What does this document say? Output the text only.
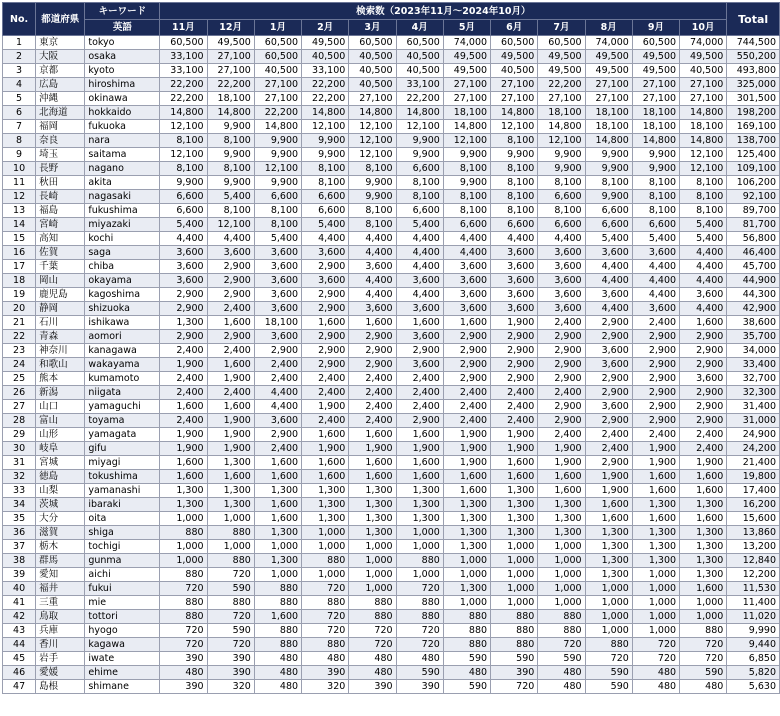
No.	都道府県	キーワード	検索数（2023年11月～2024年10月）												Total
		英語	11月	12月	1月	2月	3月	4月	5月	6月	7月	8月	9月	10月	
1	東京	tokyo	60,500	49,500	60,500	49,500	60,500	60,500	74,000	60,500	60,500	74,000	60,500	74,000	744,500
2	大阪	osaka	33,100	27,100	60,500	40,500	40,500	40,500	49,500	49,500	49,500	49,500	49,500	49,500	550,200
3	京都	kyoto	33,100	27,100	40,500	33,100	40,500	40,500	49,500	40,500	49,500	49,500	49,500	40,500	493,800
4	広島	hiroshima	22,200	22,200	27,100	22,200	40,500	33,100	27,100	27,100	22,200	27,100	27,100	27,100	325,000
5	沖縄	okinawa	22,200	18,100	27,100	22,200	27,100	22,200	27,100	27,100	27,100	27,100	27,100	27,100	301,500
6	北海道	hokkaido	14,800	14,800	22,200	14,800	14,800	14,800	18,100	14,800	18,100	18,100	18,100	14,800	198,200
7	福岡	fukuoka	12,100	9,900	14,800	12,100	12,100	12,100	14,800	12,100	14,800	18,100	18,100	18,100	169,100
8	奈良	nara	8,100	8,100	9,900	9,900	12,100	9,900	12,100	8,100	12,100	14,800	14,800	14,800	138,700
9	埼玉	saitama	12,100	9,900	9,900	9,900	12,100	9,900	9,900	9,900	9,900	9,900	9,900	12,100	125,400
10	長野	nagano	8,100	8,100	12,100	8,100	8,100	6,600	8,100	8,100	9,900	9,900	9,900	12,100	109,100
11	秋田	akita	9,900	9,900	9,900	8,100	9,900	8,100	9,900	8,100	8,100	8,100	8,100	8,100	106,200
12	長崎	nagasaki	6,600	5,400	6,600	6,600	9,900	8,100	8,100	8,100	6,600	9,900	8,100	8,100	92,100
13	福島	fukushima	6,600	8,100	8,100	6,600	8,100	6,600	8,100	8,100	8,100	6,600	8,100	8,100	89,700
14	宮崎	miyazaki	5,400	12,100	8,100	5,400	8,100	5,400	6,600	6,600	6,600	6,600	6,600	5,400	81,700
15	高知	kochi	4,400	4,400	5,400	4,400	4,400	4,400	4,400	4,400	4,400	5,400	5,400	5,400	56,800
16	佐賀	saga	3,600	3,600	3,600	3,600	4,400	4,400	4,400	3,600	3,600	3,600	3,600	4,400	46,400
17	千葉	chiba	3,600	2,900	3,600	2,900	3,600	4,400	3,600	3,600	3,600	4,400	4,400	4,400	45,700
18	岡山	okayama	3,600	2,900	3,600	3,600	4,400	3,600	3,600	3,600	3,600	4,400	4,400	4,400	44,900
19	鹿児島	kagoshima	2,900	2,900	3,600	2,900	4,400	4,400	3,600	3,600	3,600	3,600	4,400	3,600	44,300
20	静岡	shizuoka	2,900	2,400	3,600	2,900	3,600	3,600	3,600	3,600	3,600	4,400	3,600	4,400	42,900
21	石川	ishikawa	1,300	1,600	18,100	1,600	1,600	1,600	1,600	1,900	2,400	2,900	2,400	1,600	38,600
22	青森	aomori	2,900	2,900	3,600	2,900	2,900	3,600	2,900	2,900	2,900	2,900	2,900	2,900	35,700
23	神奈川	kanagawa	2,400	2,400	2,900	2,900	2,900	2,900	2,900	2,900	2,900	3,600	2,900	2,900	34,000
24	和歌山	wakayama	1,900	1,600	2,400	2,900	2,900	3,600	2,900	2,900	2,900	3,600	2,900	2,900	33,400
25	熊本	kumamoto	2,400	1,900	2,400	2,400	2,400	2,400	2,900	2,900	2,900	2,900	2,900	3,600	32,700
26	新潟	niigata	2,400	2,400	4,400	2,400	2,400	2,400	2,400	2,400	2,400	2,900	2,900	2,900	32,300
27	山口	yamaguchi	1,600	1,600	4,400	1,900	2,400	2,400	2,400	2,400	2,900	3,600	2,900	2,900	31,400
28	富山	toyama	2,400	1,900	3,600	2,400	2,400	2,900	2,400	2,400	2,900	2,900	2,900	2,900	31,000
29	山形	yamagata	1,900	1,900	2,900	1,600	1,600	1,600	1,900	1,900	2,400	2,400	2,400	2,400	24,900
30	岐阜	gifu	1,900	1,900	2,400	1,900	1,900	1,900	1,900	1,900	1,900	2,400	1,900	2,400	24,200
31	宮城	miyagi	1,600	1,300	1,600	1,600	1,600	1,600	1,900	1,600	1,900	2,900	1,900	1,900	21,400
32	徳島	tokushima	1,600	1,600	1,600	1,600	1,600	1,600	1,600	1,600	1,600	1,900	1,600	1,600	19,800
33	山梨	yamanashi	1,300	1,300	1,300	1,300	1,300	1,300	1,600	1,300	1,600	1,900	1,600	1,600	17,400
34	茨城	ibaraki	1,300	1,300	1,600	1,300	1,300	1,300	1,300	1,300	1,300	1,600	1,300	1,300	16,200
35	大分	oita	1,000	1,000	1,600	1,300	1,300	1,300	1,300	1,300	1,300	1,600	1,600	1,600	15,600
36	滋賀	shiga	880	880	1,300	1,000	1,300	1,000	1,300	1,300	1,300	1,300	1,300	1,300	13,860
37	栃木	tochigi	1,000	1,000	1,000	1,000	1,000	1,000	1,300	1,000	1,000	1,300	1,300	1,300	13,200
38	群馬	gunma	1,000	880	1,300	880	1,000	880	1,000	1,000	1,000	1,300	1,300	1,300	12,840
39	愛知	aichi	880	720	1,000	1,000	1,000	1,000	1,000	1,000	1,000	1,300	1,000	1,300	12,200
40	福井	fukui	720	590	880	720	1,000	720	1,300	1,000	1,000	1,000	1,000	1,600	11,530
41	三重	mie	880	880	880	880	880	880	1,000	1,000	1,000	1,000	1,000	1,000	11,400
42	鳥取	tottori	880	720	1,600	720	880	880	880	880	880	1,000	1,000	1,000	11,020
43	兵庫	hyogo	720	590	880	720	720	720	880	880	880	1,000	1,000	880	9,990
44	香川	kagawa	720	720	880	880	720	720	880	880	720	880	720	720	9,440
45	岩手	iwate	390	390	480	480	480	480	590	590	590	720	720	720	6,850
46	愛媛	ehime	480	390	480	390	480	590	480	390	480	590	480	590	5,820
47	島根	shimane	390	320	480	320	390	390	590	720	480	590	480	480	5,630
